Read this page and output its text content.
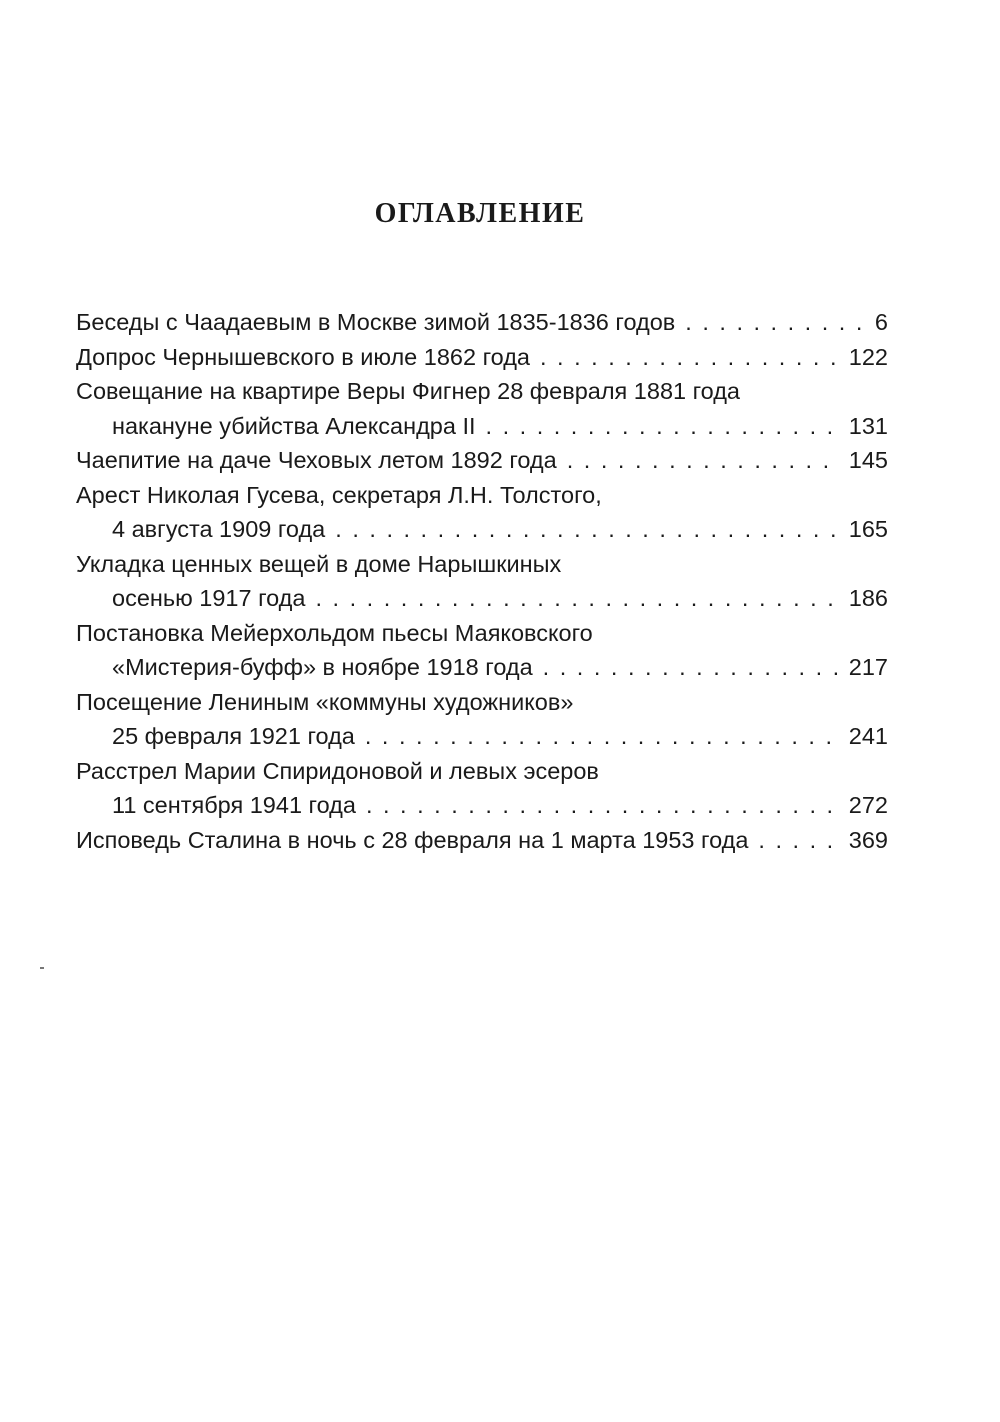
ОГЛАВЛЕНИЕ
Беседы с Чаадаевым в Москве зимой 1835-1836 годов . . .	6
Допрос Чернышевского в июле 1862 года . . .	122
Совещание на квартире Веры Фигнер 28 февраля 1881 года
накануне убийства Александра II . . .	131
Чаепитие на даче Чеховых летом 1892 года . . .	145
Арест Николая Гусева, секретаря Л.Н. Толстого,
4 августа 1909 года . . .	165
Укладка ценных вещей в доме Нарышкиных
осенью 1917 года . . .	186
Постановка Мейерхольдом пьесы Маяковского
«Мистерия-буфф» в ноябре 1918 года . . .	217
Посещение Лениным «коммуны художников»
25 февраля 1921 года . . .	241
Расстрел Марии Спиридоновой и левых эсеров
11 сентября 1941 года . . .	272
Исповедь Сталина в ночь с 28 февраля на 1 марта 1953 года . . .	369
